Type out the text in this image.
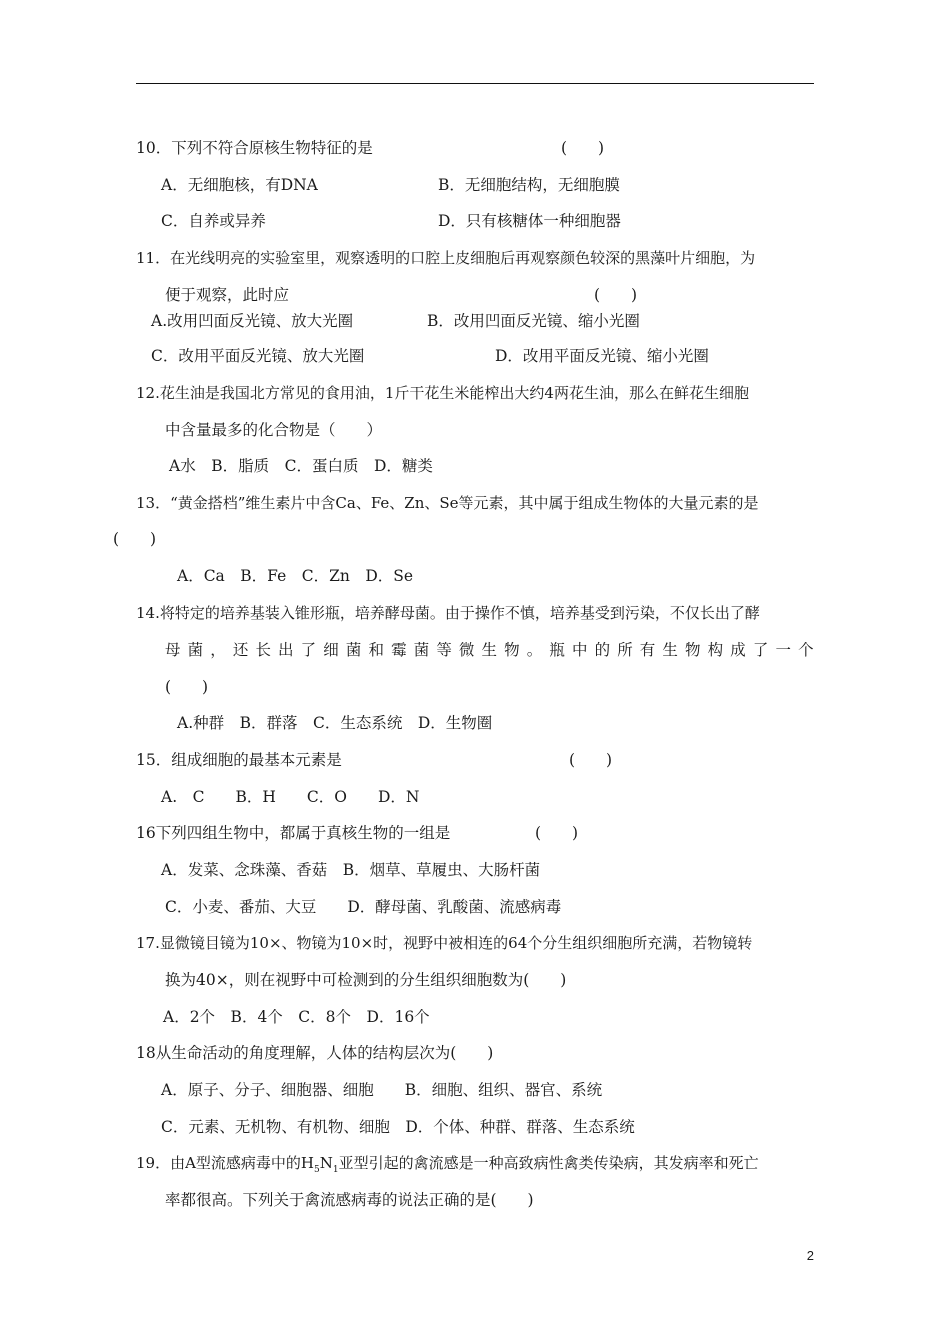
10．下列不符合原核生物特征的是	(　　)
A．无细胞核，有DNA	B．无细胞结构，无细胞膜
C．自养或异养	D．只有核糖体一种细胞器
11．在光线明亮的实验室里，观察透明的口腔上皮细胞后再观察颜色较深的黑藻叶片细胞，为
便于观察，此时应	(　　)
A.改用凹面反光镜、放大光圈	B．改用凹面反光镜、缩小光圈
C．改用平面反光镜、放大光圈	D．改用平面反光镜、缩小光圈
12.花生油是我国北方常见的食用油，1斤干花生米能榨出大约4两花生油，那么在鲜花生细胞
中含量最多的化合物是（　　）
A水　B．脂质　C．蛋白质　D．糖类
13．“黄金搭档”维生素片中含Ca、Fe、Zn、Se等元素，其中属于组成生物体的大量元素的是
(　　)
A．Ca　B．Fe　C．Zn　D．Se
14.将特定的培养基装入锥形瓶，培养酵母菌。由于操作不慎，培养基受到污染，不仅长出了酵
母 菌 ， 还 长 出 了 细 菌 和 霉 菌 等 微 生 物 。 瓶 中 的 所 有 生 物 构 成 了 一 个
(　　)
A.种群　B．群落　C．生态系统　D．生物圈
15．组成细胞的最基本元素是	(　　)
A.　C　　B．H　　C．O　　D．N
16下列四组生物中，都属于真核生物的一组是	(　　)
A．发菜、念珠藻、香菇　B．烟草、草履虫、大肠杆菌
C．小麦、番茄、大豆　　D．酵母菌、乳酸菌、流感病毒
17.显微镜目镜为10×、物镜为10×时，视野中被相连的64个分生组织细胞所充满，若物镜转
换为40×，则在视野中可检测到的分生组织细胞数为(　　)
A．2个　B．4个　C．8个　D．16个
18从生命活动的角度理解，人体的结构层次为(　　)
A．原子、分子、细胞器、细胞　　B．细胞、组织、器官、系统
C．元素、无机物、有机物、细胞　D．个体、种群、群落、生态系统
19．由A型流感病毒中的$H_5N_1$亚型引起的禽流感是一种高致病性禽类传染病，其发病率和死亡
率都很高。下列关于禽流感病毒的说法正确的是(　　)
2
